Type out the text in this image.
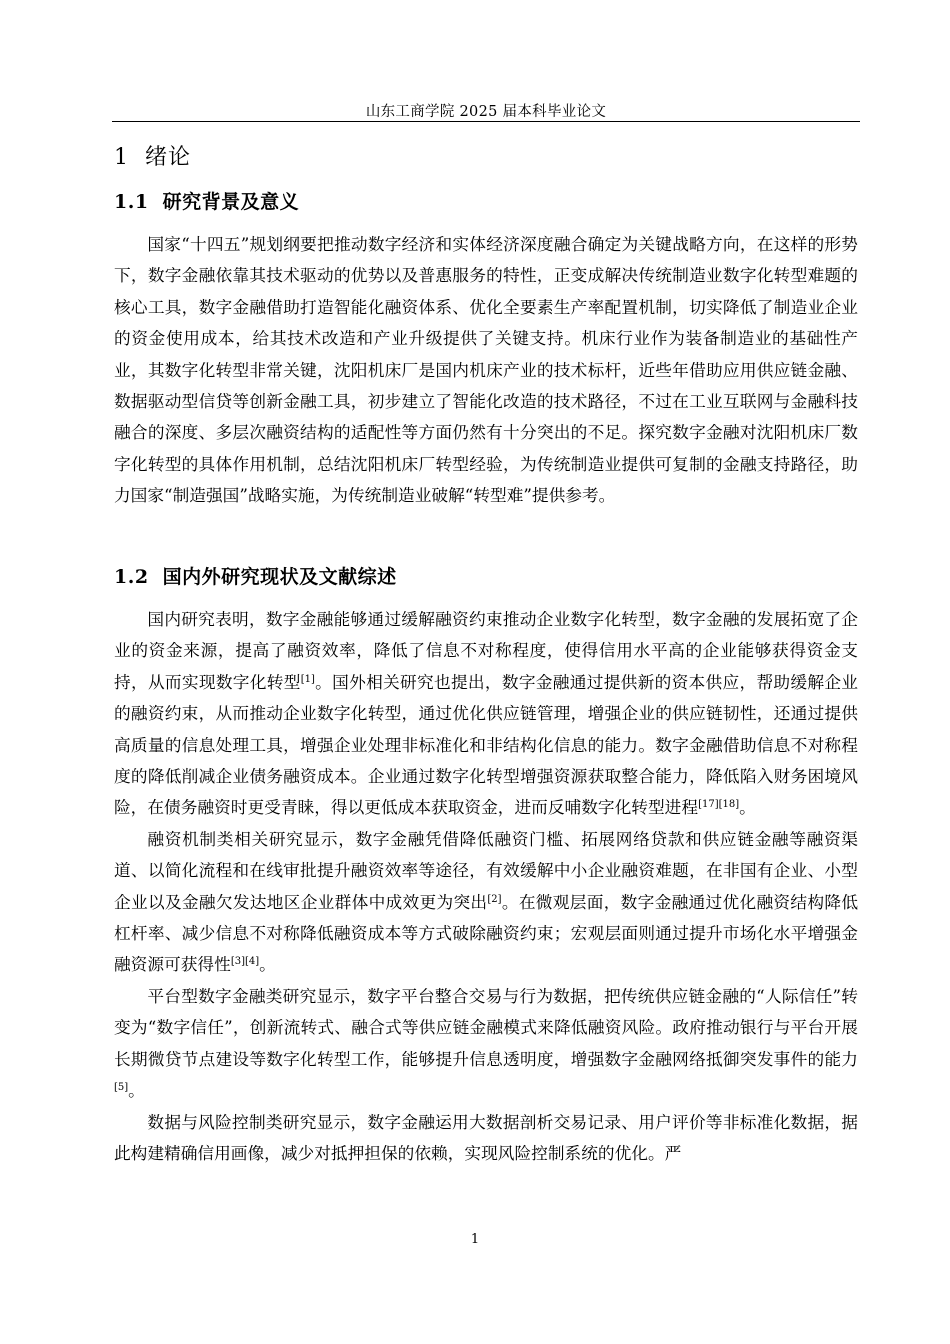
山东工商学院 2025 届本科毕业论文
1 绪论
1.1 研究背景及意义

国家“十四五”规划纲要把推动数字经济和实体经济深度融合确定为关键战略方向，在这样的形势下，数字金融依靠其技术驱动的优势以及普惠服务的特性，正变成解决传统制造业数字化转型难题的核心工具，数字金融借助打造智能化融资体系、优化全要素生产率配置机制，切实降低了制造业企业的资金使用成本，给其技术改造和产业升级提供了关键支持。机床行业作为装备制造业的基础性产业，其数字化转型非常关键，沈阳机床厂是国内机床产业的技术标杆，近些年借助应用供应链金融、数据驱动型信贷等创新金融工具，初步建立了智能化改造的技术路径，不过在工业互联网与金融科技融合的深度、多层次融资结构的适配性等方面仍然有十分突出的不足。探究数字金融对沈阳机床厂数字化转型的具体作用机制，总结沈阳机床厂转型经验，为传统制造业提供可复制的金融支持路径，助力国家“制造强国”战略实施，为传统制造业破解“转型难”提供参考。

1.2 国内外研究现状及文献综述

国内研究表明，数字金融能够通过缓解融资约束推动企业数字化转型，数字金融的发展拓宽了企业的资金来源，提高了融资效率，降低了信息不对称程度，使得信用水平高的企业能够获得资金支持，从而实现数字化转型[1]。国外相关研究也提出，数字金融通过提供新的资本供应，帮助缓解企业的融资约束，从而推动企业数字化转型，通过优化供应链管理，增强企业的供应链韧性，还通过提供高质量的信息处理工具，增强企业处理非标准化和非结构化信息的能力。数字金融借助信息不对称程度的降低削减企业债务融资成本。企业通过数字化转型增强资源获取整合能力，降低陷入财务困境风险，在债务融资时更受青睐，得以更低成本获取资金，进而反哺数字化转型进程[17][18]。

融资机制类相关研究显示，数字金融凭借降低融资门槛、拓展网络贷款和供应链金融等融资渠道、以简化流程和在线审批提升融资效率等途径，有效缓解中小企业融资难题，在非国有企业、小型企业以及金融欠发达地区企业群体中成效更为突出[2]。在微观层面，数字金融通过优化融资结构降低杠杆率、减少信息不对称降低融资成本等方式破除融资约束；宏观层面则通过提升市场化水平增强金融资源可获得性[3][4]。

平台型数字金融类研究显示，数字平台整合交易与行为数据，把传统供应链金融的“人际信任”转变为“数字信任”，创新流转式、融合式等供应链金融模式来降低融资风险。政府推动银行与平台开展长期微贷节点建设等数字化转型工作，能够提升信息透明度，增强数字金融网络抵御突发事件的能力[5]。

数据与风险控制类研究显示，数字金融运用大数据剖析交易记录、用户评价等非标准化数据，据此构建精确信用画像，减少对抵押担保的依赖，实现风险控制系统的优化。严

1
